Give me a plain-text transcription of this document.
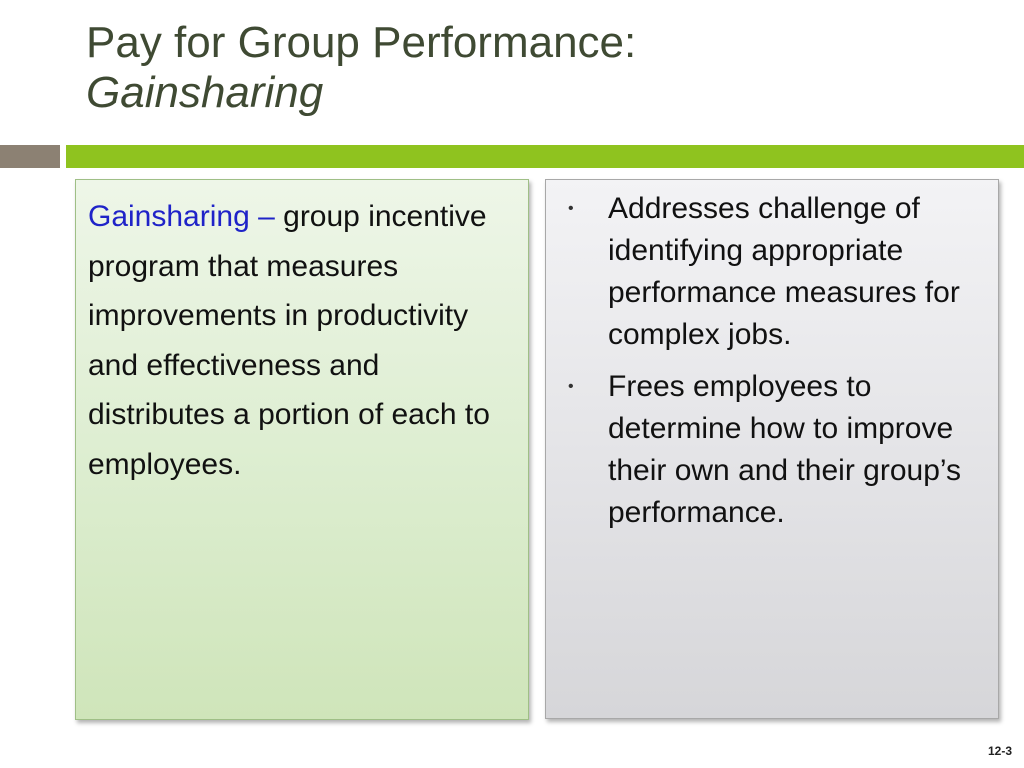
Pay for Group Performance:
Gainsharing
Gainsharing – group incentive program that measures improvements in productivity and effectiveness and distributes a portion of each to employees.
• Addresses challenge of identifying appropriate performance measures for complex jobs.
• Frees employees to determine how to improve their own and their group’s performance.
12-3
